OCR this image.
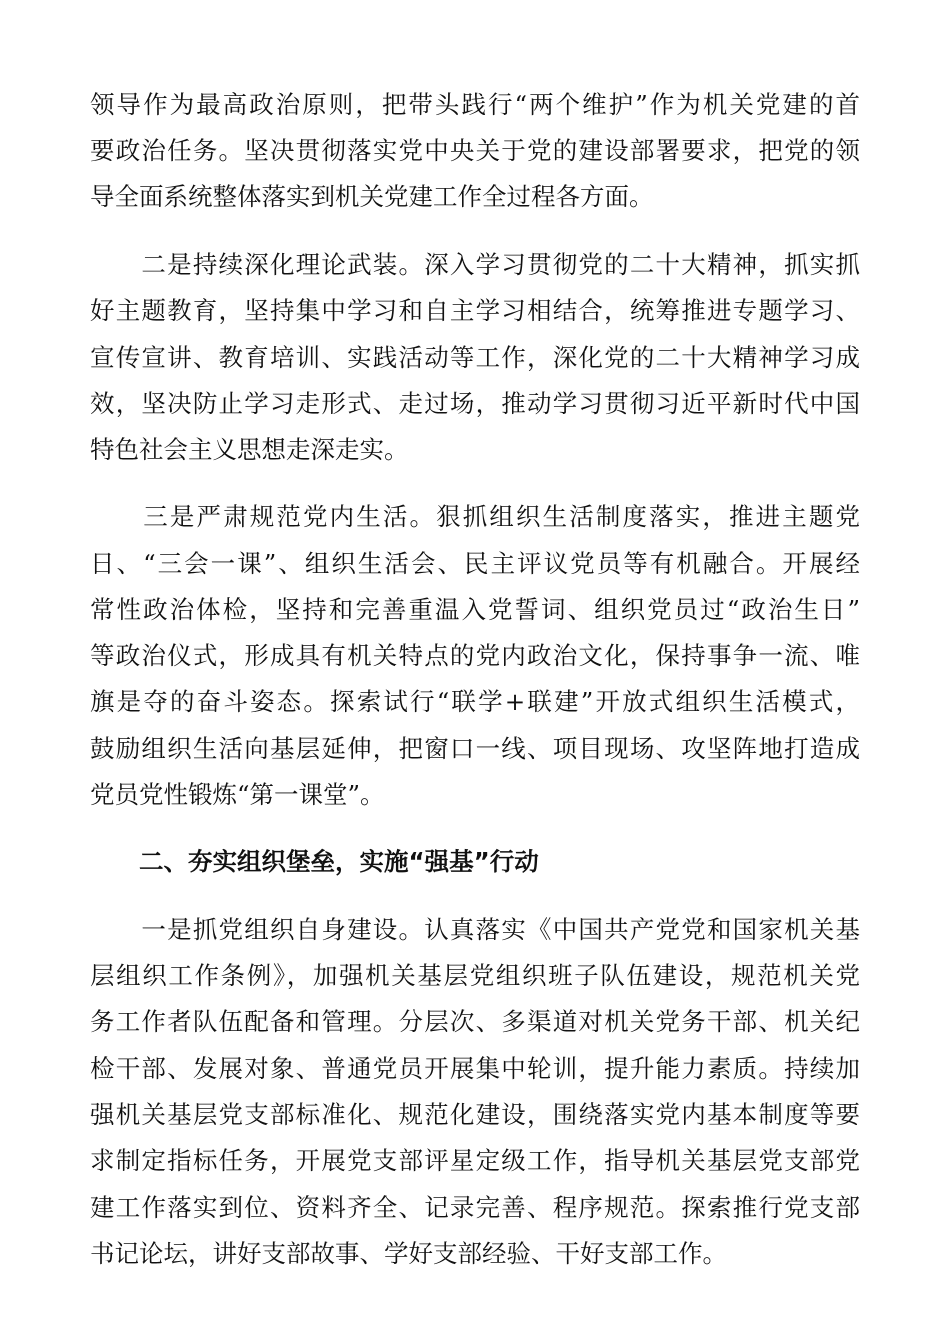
领导作为最高政治原则，把带头践行“两个维护”作为机关党建的首
要政治任务。坚决贯彻落实党中央关于党的建设部署要求，把党的领
导全面系统整体落实到机关党建工作全过程各方面。
　　二是持续深化理论武装。深入学习贯彻党的二十大精神，抓实抓
好主题教育，坚持集中学习和自主学习相结合，统筹推进专题学习、
宣传宣讲、教育培训、实践活动等工作，深化党的二十大精神学习成
效，坚决防止学习走形式、走过场，推动学习贯彻习近平新时代中国
特色社会主义思想走深走实。
　　三是严肃规范党内生活。狠抓组织生活制度落实，推进主题党
日、“三会一课”、组织生活会、民主评议党员等有机融合。开展经
常性政治体检，坚持和完善重温入党誓词、组织党员过“政治生日”
等政治仪式，形成具有机关特点的党内政治文化，保持事争一流、唯
旗是夺的奋斗姿态。探索试行“联学+联建”开放式组织生活模式，
鼓励组织生活向基层延伸，把窗口一线、项目现场、攻坚阵地打造成
党员党性锻炼“第一课堂”。
　　二、夯实组织堡垒，实施“强基”行动
　　一是抓党组织自身建设。认真落实《中国共产党党和国家机关基
层组织工作条例》，加强机关基层党组织班子队伍建设，规范机关党
务工作者队伍配备和管理。分层次、多渠道对机关党务干部、机关纪
检干部、发展对象、普通党员开展集中轮训，提升能力素质。持续加
强机关基层党支部标准化、规范化建设，围绕落实党内基本制度等要
求制定指标任务，开展党支部评星定级工作，指导机关基层党支部党
建工作落实到位、资料齐全、记录完善、程序规范。探索推行党支部
书记论坛，讲好支部故事、学好支部经验、干好支部工作。
